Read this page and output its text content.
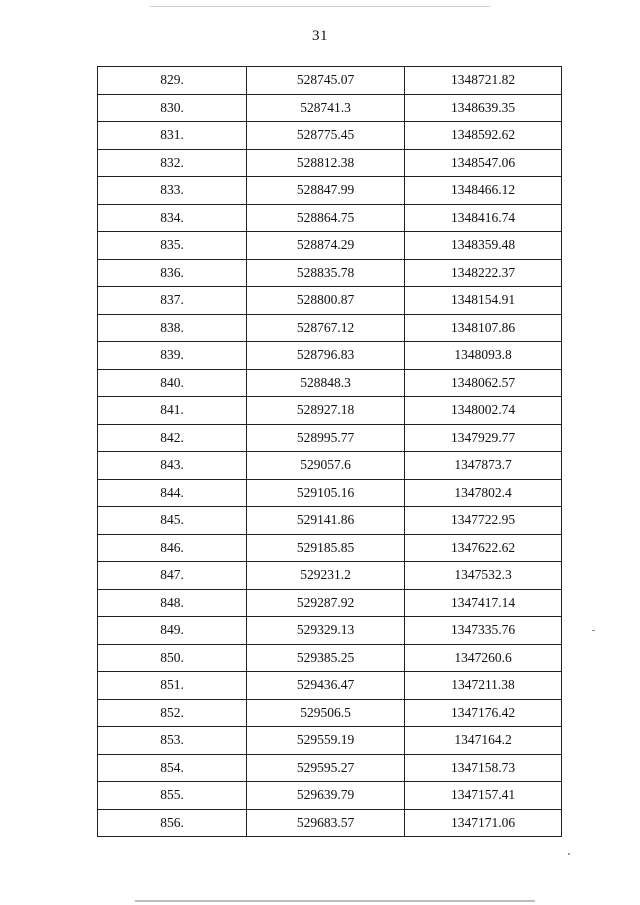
31
829.	528745.07	1348721.82
830.	528741.3	1348639.35
831.	528775.45	1348592.62
832.	528812.38	1348547.06
833.	528847.99	1348466.12
834.	528864.75	1348416.74
835.	528874.29	1348359.48
836.	528835.78	1348222.37
837.	528800.87	1348154.91
838.	528767.12	1348107.86
839.	528796.83	1348093.8
840.	528848.3	1348062.57
841.	528927.18	1348002.74
842.	528995.77	1347929.77
843.	529057.6	1347873.7
844.	529105.16	1347802.4
845.	529141.86	1347722.95
846.	529185.85	1347622.62
847.	529231.2	1347532.3
848.	529287.92	1347417.14
849.	529329.13	1347335.76
850.	529385.25	1347260.6
851.	529436.47	1347211.38
852.	529506.5	1347176.42
853.	529559.19	1347164.2
854.	529595.27	1347158.73
855.	529639.79	1347157.41
856.	529683.57	1347171.06
